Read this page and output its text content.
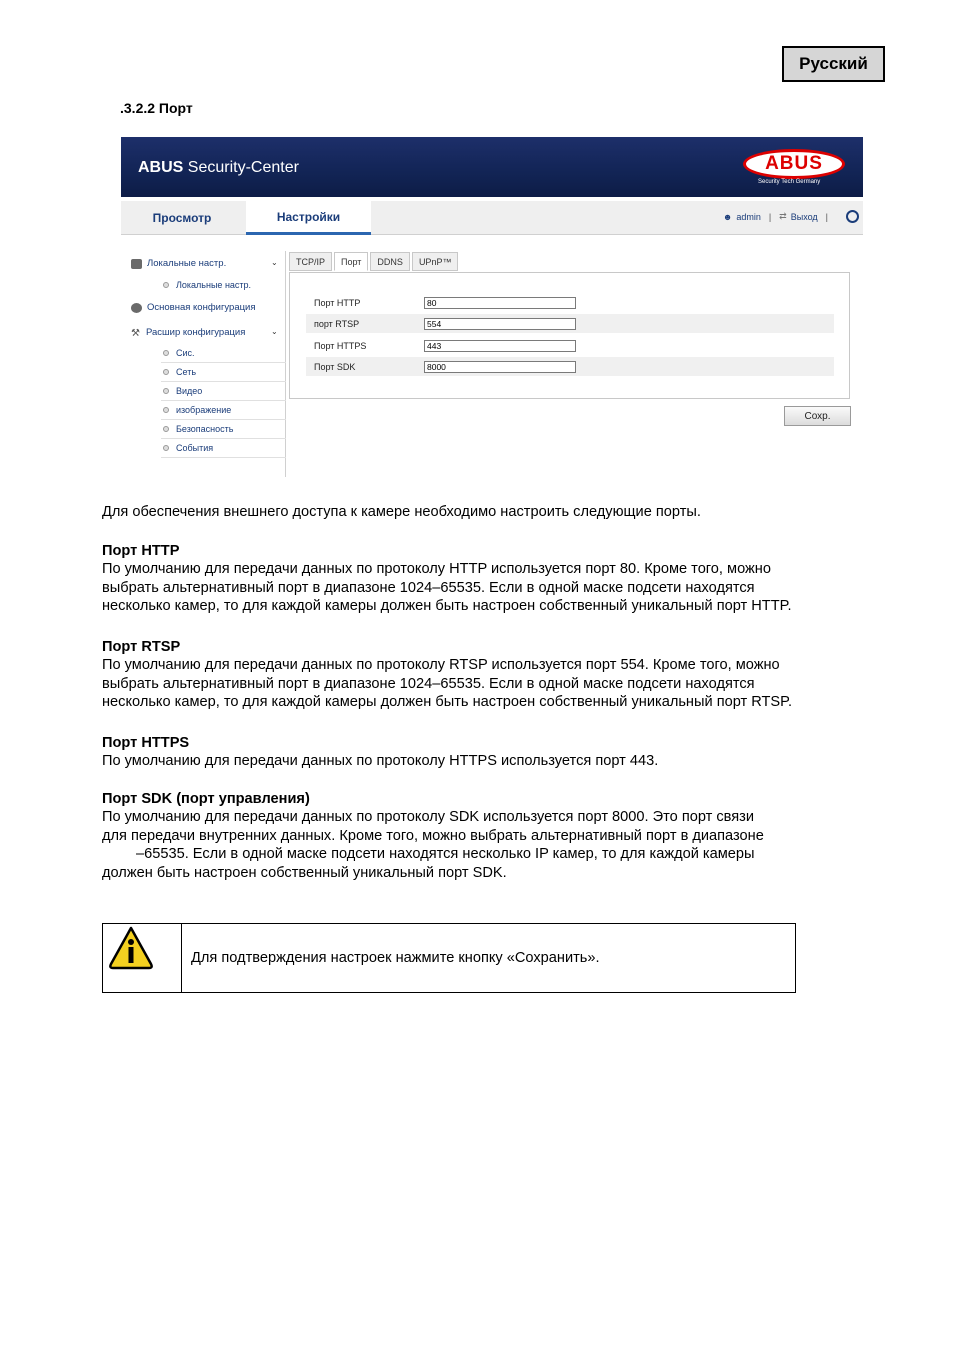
Русский
.3.2.2 Порт
ABUS Security-Center	ABUS
Security Tech Germany
Просмотр	Настройки	☻ admin | ⇄ Выход |
Локальные настр.	⌄
Локальные настр.
Основная конфигурация
⚒ Расшир конфигурация	⌄
Сис.
Сеть
Видео
изображение
Безопасность
События
TCP/IP	Порт	DDNS	UPnP™
Порт HTTP	80
порт RTSP	554
Порт HTTPS	443
Порт SDK	8000
Сохр.
Для обеспечения внешнего доступа к камере необходимо настроить следующие порты.
Порт HTTP
По умолчанию для передачи данных по протоколу HTTP используется порт 80. Кроме того, можно
выбрать альтернативный порт в диапазоне 1024–65535. Если в одной маске подсети находятся
несколько камер, то для каждой камеры должен быть настроен собственный уникальный порт HTTP.
Порт RTSP
По умолчанию для передачи данных по протоколу RTSP используется порт 554. Кроме того, можно
выбрать альтернативный порт в диапазоне 1024–65535. Если в одной маске подсети находятся
несколько камер, то для каждой камеры должен быть настроен собственный уникальный порт RTSP.
Порт HTTPS
По умолчанию для передачи данных по протоколу HTTPS используется порт 443.
Порт SDK (порт управления)
По умолчанию для передачи данных по протоколу SDK используется порт 8000. Это порт связи
для передачи внутренних данных. Кроме того, можно выбрать альтернативный порт в диапазоне
–65535. Если в одной маске подсети находятся несколько IP камер, то для каждой камеры
должен быть настроен собственный уникальный порт SDK.
Для подтверждения настроек нажмите кнопку «Сохранить».
